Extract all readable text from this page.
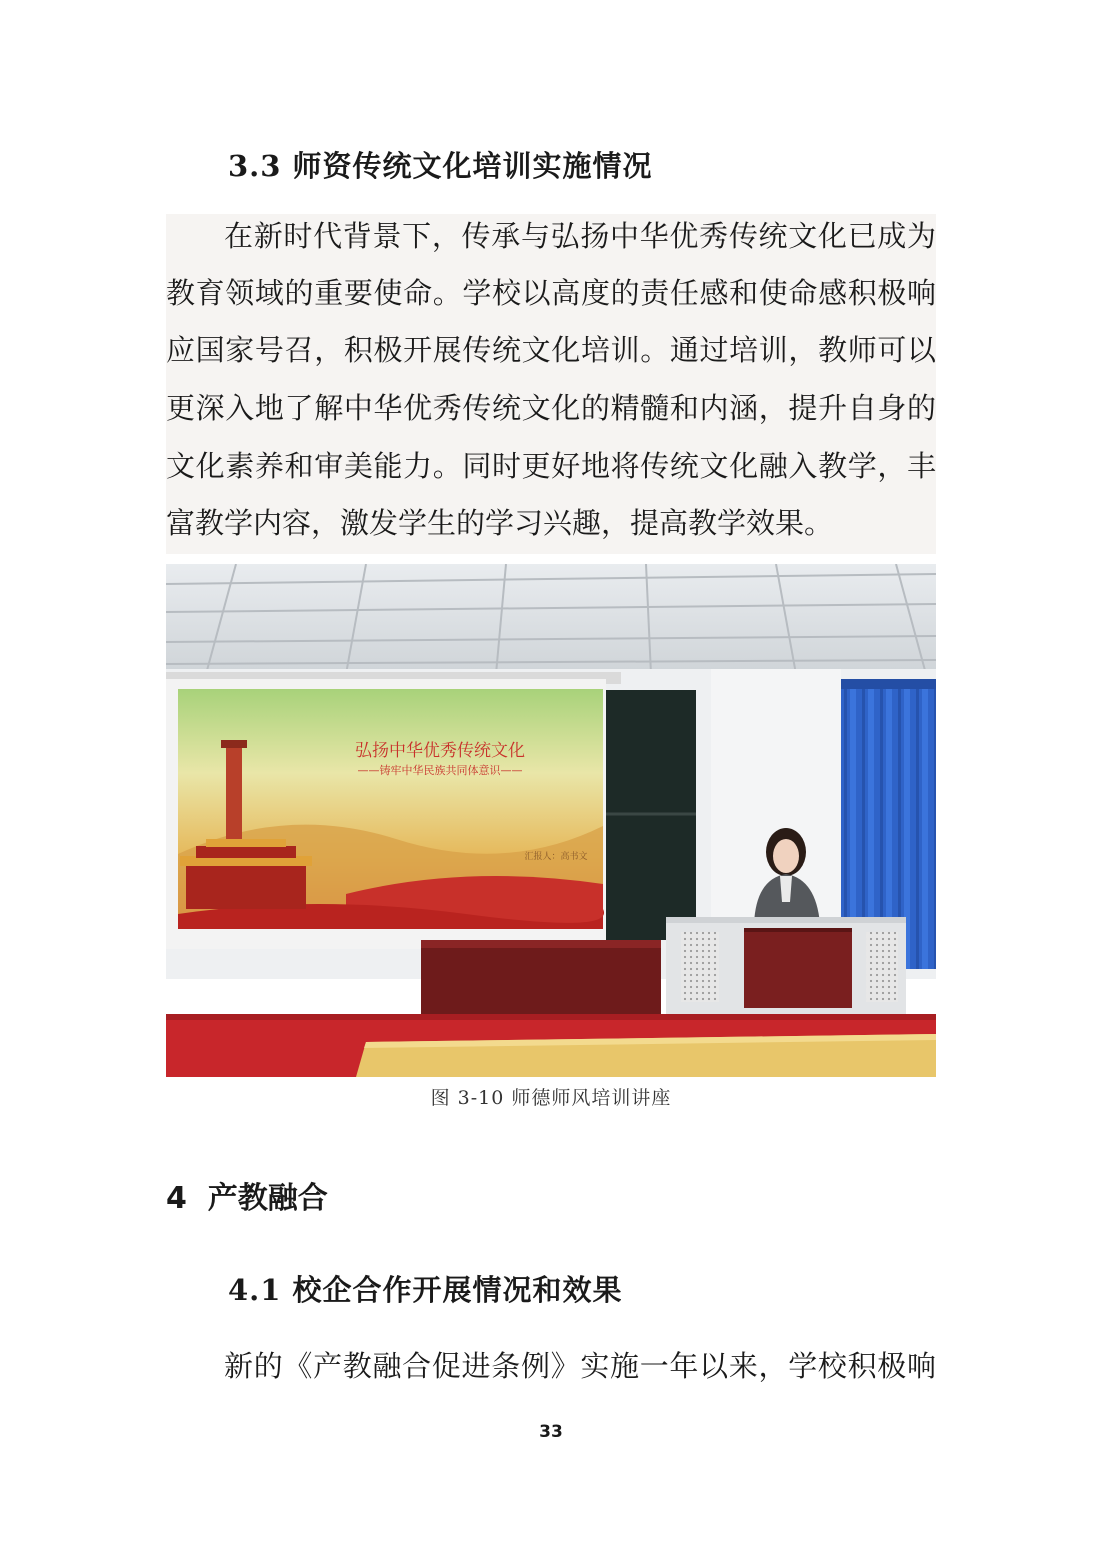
3.3 师资传统文化培训实施情况
在新时代背景下，传承与弘扬中华优秀传统文化已成为
教育领域的重要使命。学校以高度的责任感和使命感积极响
应国家号召，积极开展传统文化培训。通过培训，教师可以
更深入地了解中华优秀传统文化的精髓和内涵，提升自身的
文化素养和审美能力。同时更好地将传统文化融入教学，丰
富教学内容，激发学生的学习兴趣，提高教学效果。
弘扬中华优秀传统文化
——铸牢中华民族共同体意识——
汇报人：高书文
图 3-10 师德师风培训讲座
4  产教融合
4.1 校企合作开展情况和效果
新的《产教融合促进条例》实施一年以来，学校积极响
33
